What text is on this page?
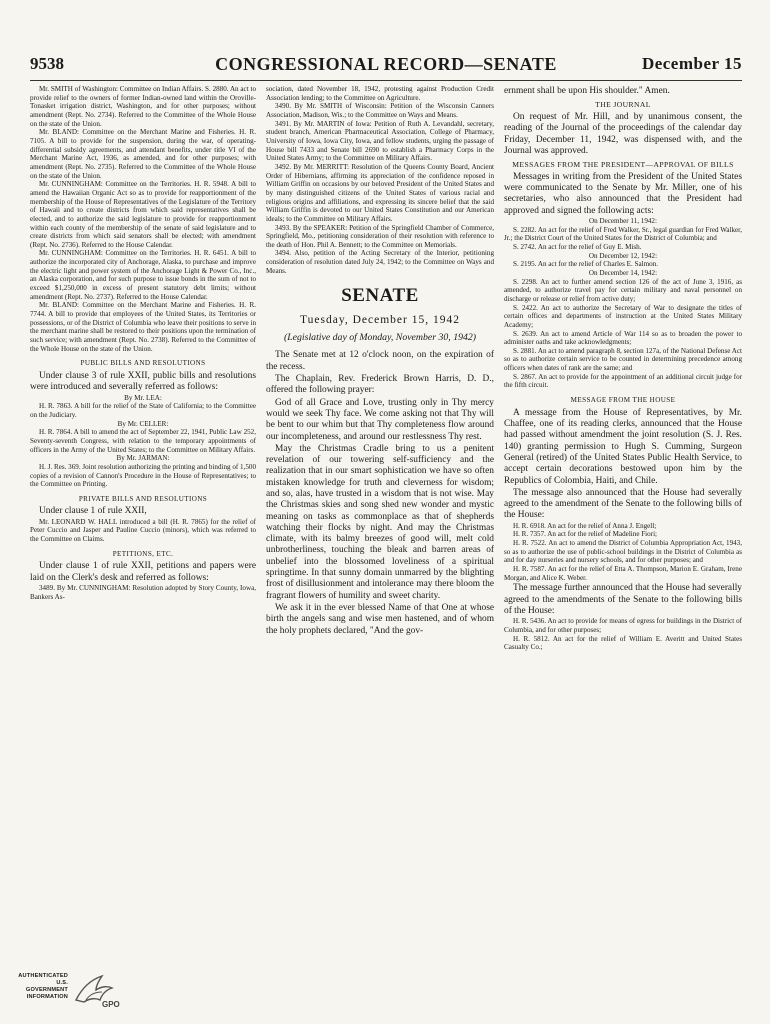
9538	CONGRESSIONAL RECORD—SENATE	December 15

Mr. SMITH of Washington: Committee on Indian Affairs. S. 2880. An act to provide relief to the owners of former Indian-owned land within the Oroville-Tonasket irrigation district, Washington, and for other purposes; without amendment (Rept. No. 2734). Referred to the Committee of the Whole House on the state of the Union.

Mr. BLAND: Committee on the Merchant Marine and Fisheries. H. R. 7105. A bill to provide for the suspension, during the war, of operating-differential subsidy agreements, and attendant benefits, under title VI of the Merchant Marine Act, 1936, as amended, and for other purposes; with amendment (Rept. No. 2735). Referred to the Committee of the Whole House on the state of the Union.

Mr. CUNNINGHAM: Committee on the Territories. H. R. 5948. A bill to amend the Hawaiian Organic Act so as to provide for reapportionment of the membership of the House of Representatives of the Legislature of the Territory of Hawaii and to create districts from which said representatives shall be elected, and to authorize the said legislature to provide for reapportionment within each county of the membership of the senate of said legislature and to create districts from which said senators shall be elected; with amendment (Rept. No. 2736). Referred to the House Calendar.

Mr. CUNNINGHAM: Committee on the Territories. H. R. 6451. A bill to authorize the incorporated city of Anchorage, Alaska, to purchase and improve the electric light and power system of the Anchorage Light & Power Co., Inc., an Alaska corporation, and for such purpose to issue bonds in the sum of not to exceed $1,250,000 in excess of present statutory debt limits; without amendment (Rept. No. 2737). Referred to the House Calendar.

Mr. BLAND: Committee on the Merchant Marine and Fisheries. H. R. 7744. A bill to provide that employees of the United States, its Territories or possessions, or of the District of Columbia who leave their positions to serve in the merchant marine shall be restored to their positions upon the termination of such service; with amendment (Rept. No. 2738). Referred to the Committee of the Whole House on the state of the Union.

PUBLIC BILLS AND RESOLUTIONS

Under clause 3 of rule XXII, public bills and resolutions were introduced and severally referred as follows:

By Mr. LEA:

H. R. 7863. A bill for the relief of the State of California; to the Committee on the Judiciary.

By Mr. CELLER:

H. R. 7864. A bill to amend the act of September 22, 1941, Public Law 252, Seventy-seventh Congress, with relation to the temporary appointments of officers in the Army of the United States; to the Committee on Military Affairs.

By Mr. JARMAN:

H. J. Res. 369. Joint resolution authorizing the printing and binding of 1,500 copies of a revision of Cannon's Procedure in the House of Representatives; to the Committee on Printing.

PRIVATE BILLS AND RESOLUTIONS

Under clause 1 of rule XXII,

Mr. LEONARD W. HALL introduced a bill (H. R. 7865) for the relief of Peter Cuccio and Jasper and Pauline Cuccio (minors), which was referred to the Committee on Claims.

PETITIONS, ETC.

Under clause 1 of rule XXII, petitions and papers were laid on the Clerk's desk and referred as follows:

3489. By Mr. CUNNINGHAM: Resolution adopted by Story County, Iowa, Bankers As-

sociation, dated November 18, 1942, protesting against Production Credit Association lending; to the Committee on Agriculture.

3490. By Mr. SMITH of Wisconsin: Petition of the Wisconsin Canners Association, Madison, Wis.; to the Committee on Ways and Means.

3491. By Mr. MARTIN of Iowa: Petition of Ruth A. Levandahl, secretary, student branch, American Pharmaceutical Association, College of Pharmacy, University of Iowa, Iowa City, Iowa, and fellow students, urging the passage of House bill 7433 and Senate bill 2690 to establish a Pharmacy Corps in the United States Army; to the Committee on Military Affairs.

3492. By Mr. MERRITT: Resolution of the Queens County Board, Ancient Order of Hibernians, affirming its appreciation of the confidence reposed in William Griffin on occasions by our beloved President of the United States and by many distinguished citizens of the United States of various racial and religious origins and affiliations, and expressing its sincere belief that the said William Griffin is devoted to our United States Constitution and our American ideals; to the Committee on Military Affairs.

3493. By the SPEAKER: Petition of the Springfield Chamber of Commerce, Springfield, Mo., petitioning consideration of their resolution with reference to the death of Hon. Phil A. Bennett; to the Committee on Memorials.

3494. Also, petition of the Acting Secretary of the Interior, petitioning consideration of resolution dated July 24, 1942; to the Committee on Ways and Means.

SENATE
Tuesday, December 15, 1942
(Legislative day of Monday, November 30, 1942)

The Senate met at 12 o'clock noon, on the expiration of the recess.

The Chaplain, Rev. Frederick Brown Harris, D. D., offered the following prayer:

God of all Grace and Love, trusting only in Thy mercy would we seek Thy face. We come asking not that Thy will be bent to our whim but that Thy completeness flow around our incompleteness, and around our restlessness Thy rest.

May the Christmas Cradle bring to us a penitent revelation of our towering self-sufficiency and the realization that in our smart sophistication we have so often mistaken knowledge for truth and cleverness for wisdom; and so, alas, have trusted in a wisdom that is not wise. May the Christmas skies and song shed new wonder and mystic meaning on tasks as commonplace as that of shepherds watching their flocks by night. And may the Christmas climate, with its balmy breezes of good will, melt cold unbrotherliness, touching the bleak and barren areas of unbelief into the blossomed loveliness of a spiritual springtime. In that sunny domain unmarred by the blighting frost of disillusionment and intolerance may there bloom the fragrant flowers of humility and sweet charity.

We ask it in the ever blessed Name of that One at whose birth the angels sang and wise men hastened, and of whom the holy prophets declared, "And the gov-

ernment shall be upon His shoulder." Amen.

THE JOURNAL

On request of Mr. Hill, and by unanimous consent, the reading of the Journal of the proceedings of the calendar day Friday, December 11, 1942, was dispensed with, and the Journal was approved.

MESSAGES FROM THE PRESIDENT—APPROVAL OF BILLS

Messages in writing from the President of the United States were communicated to the Senate by Mr. Miller, one of his secretaries, who also announced that the President had approved and signed the following acts:

On December 11, 1942:

S. 2282. An act for the relief of Fred Walker, Sr., legal guardian for Fred Walker, Jr.; the District Court of the United States for the District of Columbia; and

S. 2742. An act for the relief of Guy E. Mish.

On December 12, 1942:

S. 2195. An act for the relief of Charles E. Salmon.

On December 14, 1942:

S. 2298. An act to further amend section 126 of the act of June 3, 1916, as amended, to authorize travel pay for certain military and naval personnel on discharge or release or relief from active duty;

S. 2422. An act to authorize the Secretary of War to designate the titles of certain offices and departments of instruction at the United States Military Academy;

S. 2639. An act to amend Article of War 114 so as to broaden the power to administer oaths and take acknowledgments;

S. 2881. An act to amend paragraph 8, section 127a, of the National Defense Act so as to authorize certain service to be counted in determining precedence among officers when dates of rank are the same; and

S. 2867. An act to provide for the appointment of an additional circuit judge for the fifth circuit.

MESSAGE FROM THE HOUSE

A message from the House of Representatives, by Mr. Chaffee, one of its reading clerks, announced that the House had passed without amendment the joint resolution (S. J. Res. 140) granting permission to Hugh S. Cumming, Surgeon General (retired) of the United States Public Health Service, to accept certain decorations bestowed upon him by the Republics of Colombia, Haiti, and Chile.

The message also announced that the House had severally agreed to the amendment of the Senate to the following bills of the House:

H. R. 6918. An act for the relief of Anna J. Engell;

H. R. 7357. An act for the relief of Madeline Fiori;

H. R. 7522. An act to amend the District of Columbia Appropriation Act, 1943, so as to authorize the use of public-school buildings in the District of Columbia as and for day nurseries and nursery schools, and for other purposes; and

H. R. 7587. An act for the relief of Etta A. Thompson, Marion E. Graham, Irene Morgan, and Alice K. Weber.

The message further announced that the House had severally agreed to the amendments of the Senate to the following bills of the House:

H. R. 5436. An act to provide for means of egress for buildings in the District of Columbia, and for other purposes;

H. R. 5812. An act for the relief of William E. Averitt and United States Casualty Co.;

AUTHENTICATED U.S. GOVERNMENT INFORMATION
GPO
